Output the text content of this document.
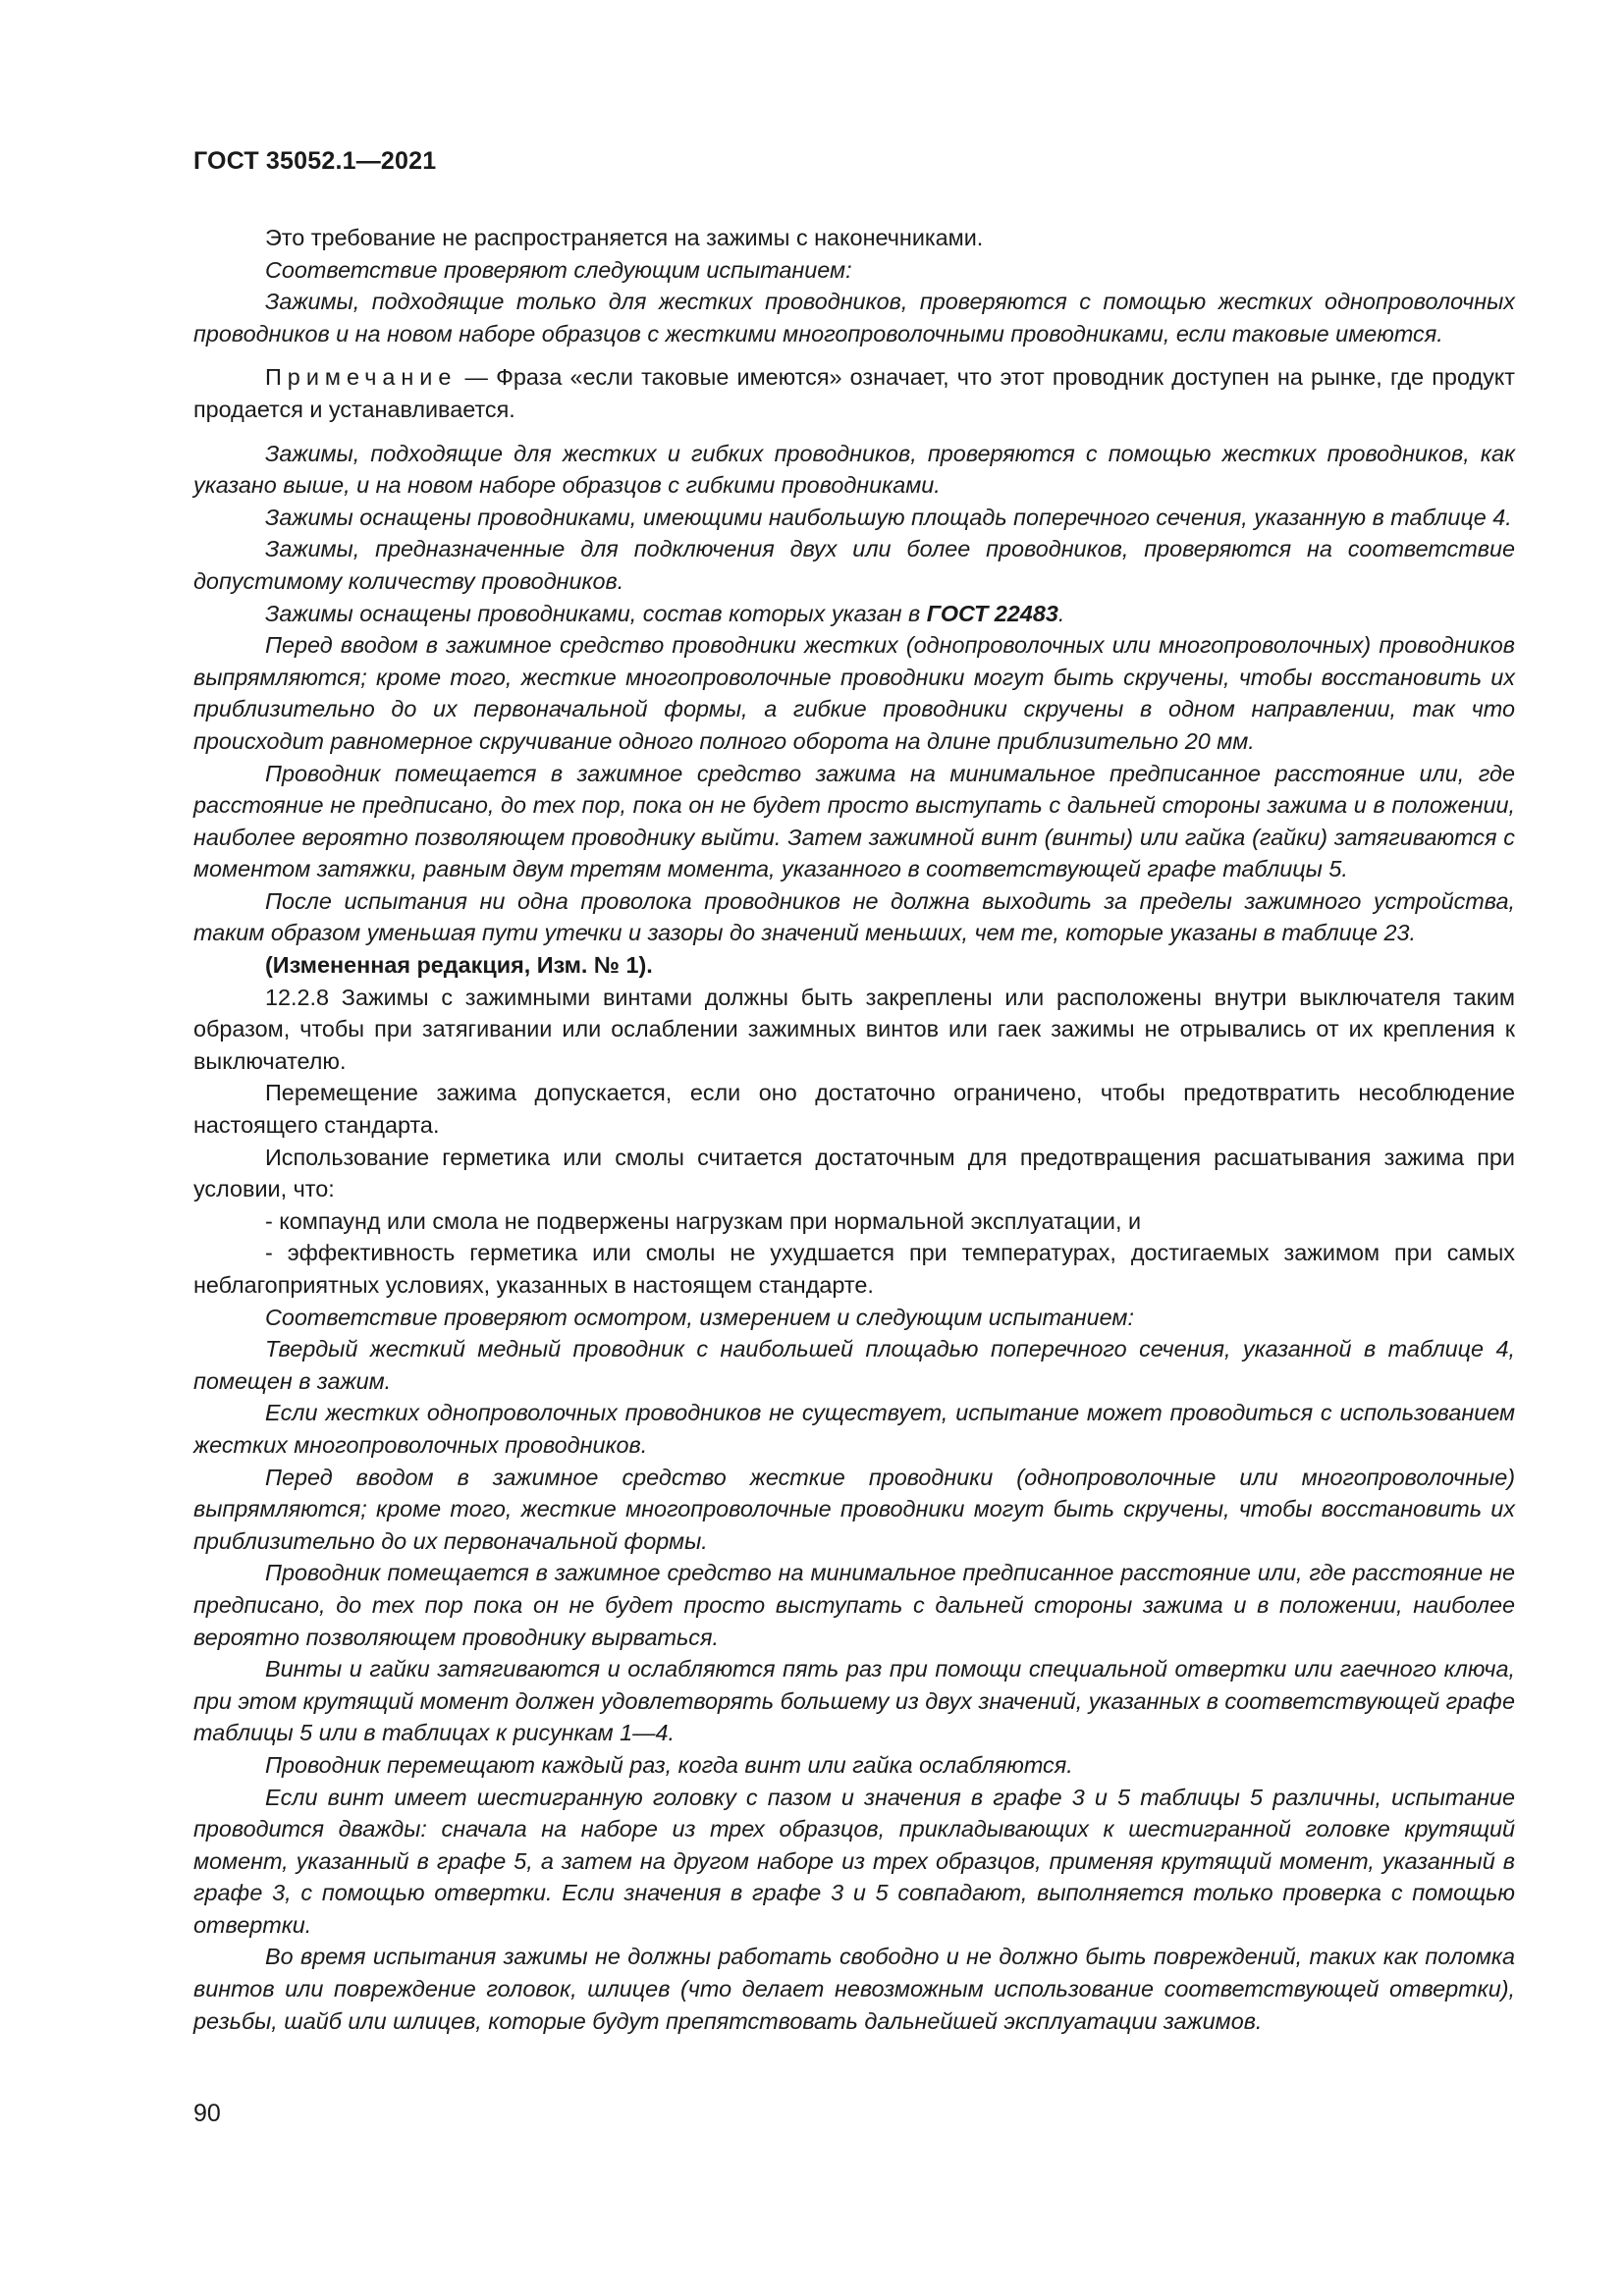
ГОСТ 35052.1—2021

Это требование не распространяется на зажимы с наконечниками.

Соответствие проверяют следующим испытанием:

Зажимы, подходящие только для жестких проводников, проверяются с помощью жестких однопроволочных проводников и на новом наборе образцов с жесткими многопроволочными проводниками, если таковые имеются.

Примечание — Фраза «если таковые имеются» означает, что этот проводник доступен на рынке, где продукт продается и устанавливается.

Зажимы, подходящие для жестких и гибких проводников, проверяются с помощью жестких проводников, как указано выше, и на новом наборе образцов с гибкими проводниками.

Зажимы оснащены проводниками, имеющими наибольшую площадь поперечного сечения, указанную в таблице 4.

Зажимы, предназначенные для подключения двух или более проводников, проверяются на соответствие допустимому количеству проводников.

Зажимы оснащены проводниками, состав которых указан в ГОСТ 22483.

Перед вводом в зажимное средство проводники жестких (однопроволочных или многопроволочных) проводников выпрямляются; кроме того, жесткие многопроволочные проводники могут быть скручены, чтобы восстановить их приблизительно до их первоначальной формы, а гибкие проводники скручены в одном направлении, так что происходит равномерное скручивание одного полного оборота на длине приблизительно 20 мм.

Проводник помещается в зажимное средство зажима на минимальное предписанное расстояние или, где расстояние не предписано, до тех пор, пока он не будет просто выступать с дальней стороны зажима и в положении, наиболее вероятно позволяющем проводнику выйти. Затем зажимной винт (винты) или гайка (гайки) затягиваются с моментом затяжки, равным двум третям момента, указанного в соответствующей графе таблицы 5.

После испытания ни одна проволока проводников не должна выходить за пределы зажимного устройства, таким образом уменьшая пути утечки и зазоры до значений меньших, чем те, которые указаны в таблице 23.

(Измененная редакция, Изм. № 1).

12.2.8 Зажимы с зажимными винтами должны быть закреплены или расположены внутри выключателя таким образом, чтобы при затягивании или ослаблении зажимных винтов или гаек зажимы не отрывались от их крепления к выключателю.

Перемещение зажима допускается, если оно достаточно ограничено, чтобы предотвратить несоблюдение настоящего стандарта.

Использование герметика или смолы считается достаточным для предотвращения расшатывания зажима при условии, что:

- компаунд или смола не подвержены нагрузкам при нормальной эксплуатации, и

- эффективность герметика или смолы не ухудшается при температурах, достигаемых зажимом при самых неблагоприятных условиях, указанных в настоящем стандарте.

Соответствие проверяют осмотром, измерением и следующим испытанием:

Твердый жесткий медный проводник с наибольшей площадью поперечного сечения, указанной в таблице 4, помещен в зажим.

Если жестких однопроволочных проводников не существует, испытание может проводиться с использованием жестких многопроволочных проводников.

Перед вводом в зажимное средство жесткие проводники (однопроволочные или многопроволочные) выпрямляются; кроме того, жесткие многопроволочные проводники могут быть скручены, чтобы восстановить их приблизительно до их первоначальной формы.

Проводник помещается в зажимное средство на минимальное предписанное расстояние или, где расстояние не предписано, до тех пор пока он не будет просто выступать с дальней стороны зажима и в положении, наиболее вероятно позволяющем проводнику вырваться.

Винты и гайки затягиваются и ослабляются пять раз при помощи специальной отвертки или гаечного ключа, при этом крутящий момент должен удовлетворять большему из двух значений, указанных в соответствующей графе таблицы 5 или в таблицах к рисункам 1—4.

Проводник перемещают каждый раз, когда винт или гайка ослабляются.

Если винт имеет шестигранную головку с пазом и значения в графе 3 и 5 таблицы 5 различны, испытание проводится дважды: сначала на наборе из трех образцов, прикладывающих к шестигранной головке крутящий момент, указанный в графе 5, а затем на другом наборе из трех образцов, применяя крутящий момент, указанный в графе 3, с помощью отвертки. Если значения в графе 3 и 5 совпадают, выполняется только проверка с помощью отвертки.

Во время испытания зажимы не должны работать свободно и не должно быть повреждений, таких как поломка винтов или повреждение головок, шлицев (что делает невозможным использование соответствующей отвертки), резьбы, шайб или шлицев, которые будут препятствовать дальнейшей эксплуатации зажимов.

90
